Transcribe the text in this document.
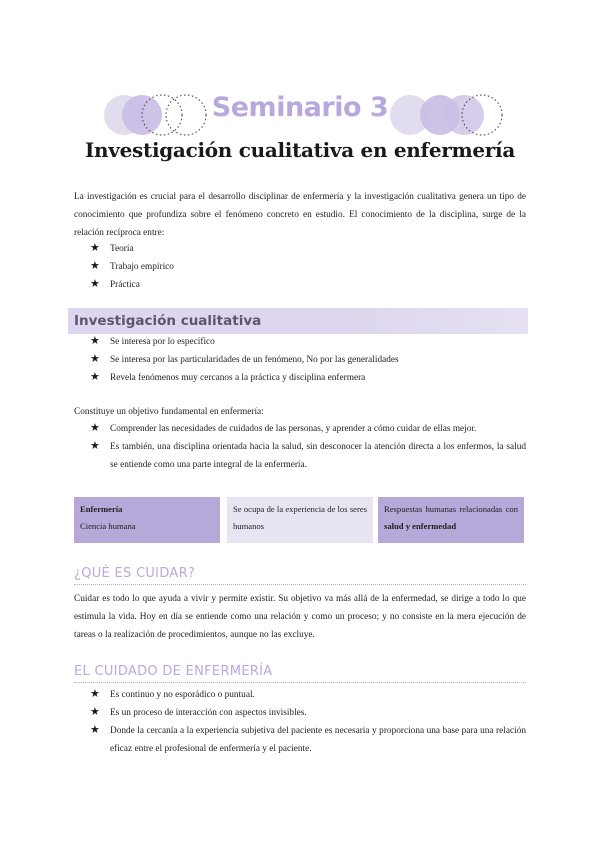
Seminario 3
Investigación cualitativa en enfermería
La investigación es crucial para el desarrollo disciplinar de enfermería y la investigación cualitativa genera un tipo de conocimiento que profundiza sobre el fenómeno concreto en estudio. El conocimiento de la disciplina, surge de la relación recíproca entre:
★ Teoría
★ Trabajo empírico
★ Práctica
Investigación cualitativa
★ Se interesa por lo específico
★ Se interesa por las particularidades de un fenómeno, No por las generalidades
★ Revela fenómenos muy cercanos a la práctica y disciplina enfermera
Constituye un objetivo fundamental en enfermería:
★ Comprender las necesidades de cuidados de las personas, y aprender a cómo cuidar de ellas mejor.
★ Es también, una disciplina orientada hacia la salud, sin desconocer la atención directa a los enfermos, la salud se entiende como una parte integral de la enfermería.
Enfermería
Ciencia humana
Se ocupa de la experiencia de los seres humanos
Respuestas humanas relacionadas con salud y enfermedad
¿QUÉ ES CUIDAR?
Cuidar es todo lo que ayuda a vivir y permite existir. Su objetivo va más allá de la enfermedad, se dirige a todo lo que estimula la vida. Hoy en día se entiende como una relación y como un proceso; y no consiste en la mera ejecución de tareas o la realización de procedimientos, aunque no las excluye.
EL CUIDADO DE ENFERMERÍA
★ Es continuo y no esporádico o puntual.
★ Es un proceso de interacción con aspectos invisibles.
★ Donde la cercanía a la experiencia subjetiva del paciente es necesaria y proporciona una base para una relación eficaz entre el profesional de enfermería y el paciente.
